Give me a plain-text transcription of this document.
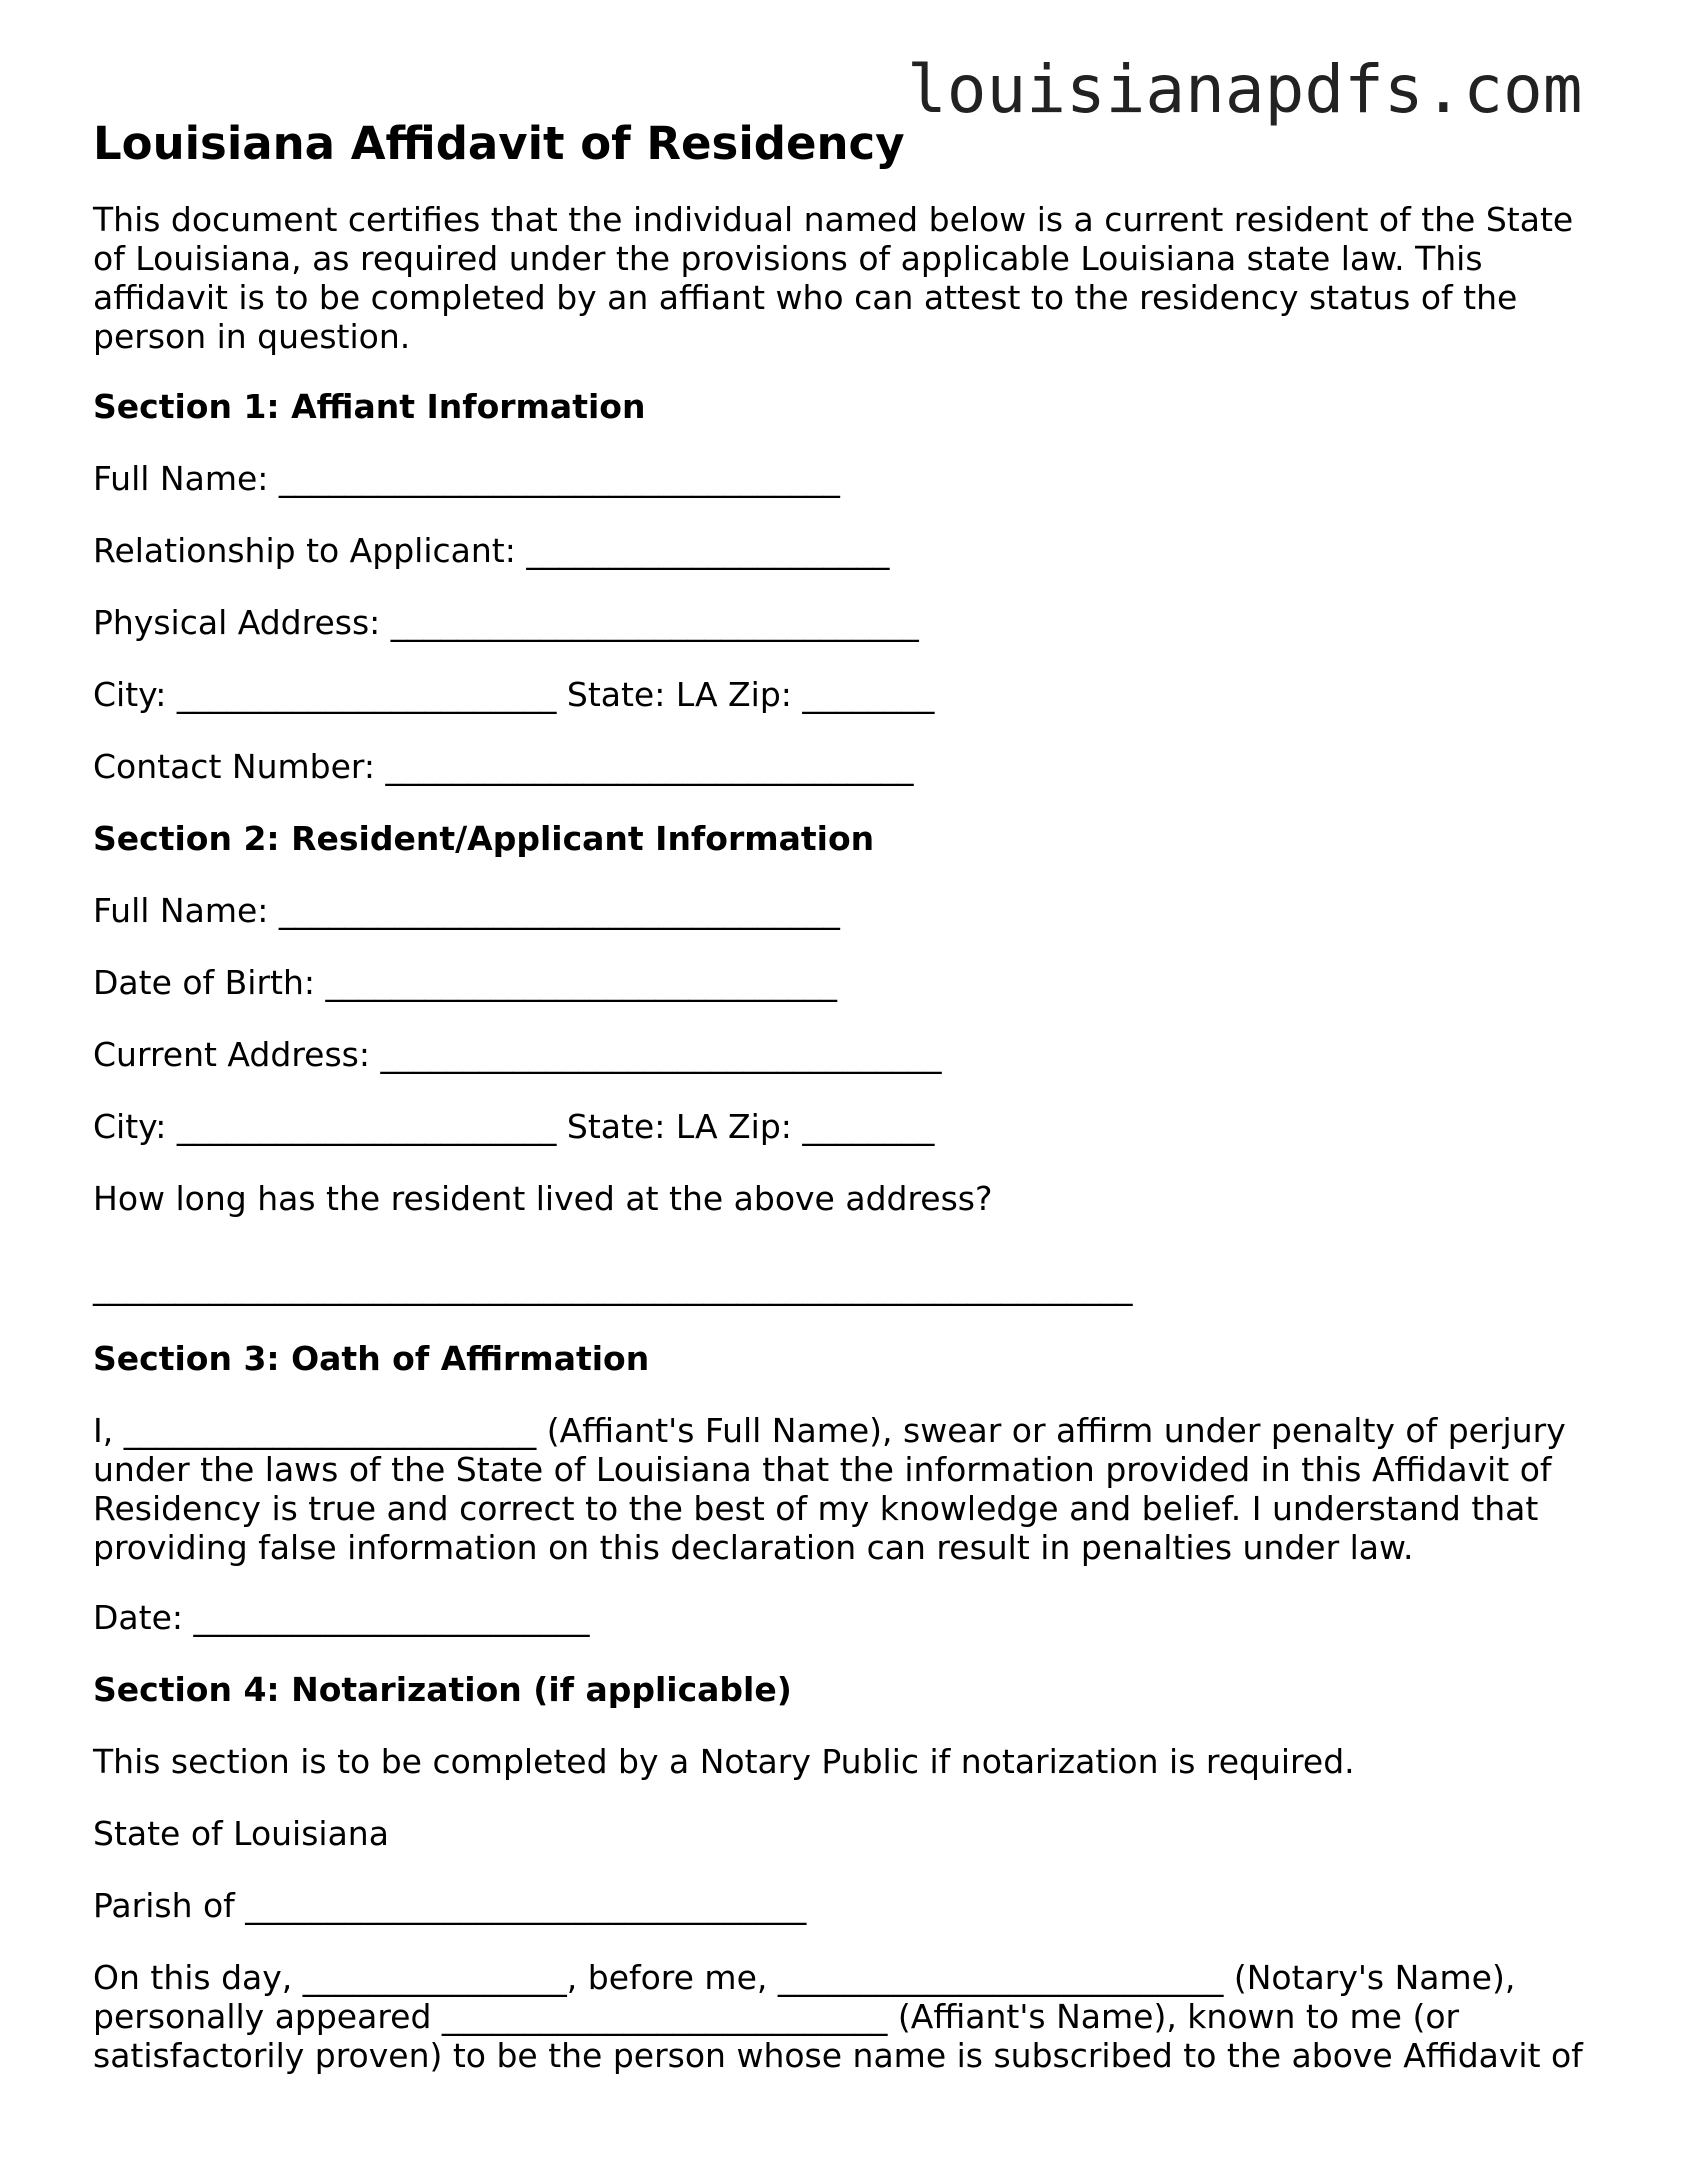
louisianapdfs.com
Louisiana Affidavit of Residency

This document certifies that the individual named below is a current resident of the State

of Louisiana, as required under the provisions of applicable Louisiana state law. This

affidavit is to be completed by an affiant who can attest to the residency status of the

person in question.

Section 1: Affiant Information

Full Name: __________________________________

Relationship to Applicant: ______________________

Physical Address: ________________________________

City: _______________________ State: LA Zip: ________

Contact Number: ________________________________

Section 2: Resident/Applicant Information

Full Name: __________________________________

Date of Birth: _______________________________

Current Address: __________________________________

City: _______________________ State: LA Zip: ________

How long has the resident lived at the above address?

_______________________________________________________________

Section 3: Oath of Affirmation

I, _________________________ (Affiant's Full Name), swear or affirm under penalty of perjury

under the laws of the State of Louisiana that the information provided in this Affidavit of

Residency is true and correct to the best of my knowledge and belief. I understand that

providing false information on this declaration can result in penalties under law.

Date: ________________________

Section 4: Notarization (if applicable)

This section is to be completed by a Notary Public if notarization is required.

State of Louisiana

Parish of __________________________________

On this day, ________________, before me, ___________________________ (Notary's Name),

personally appeared ___________________________ (Affiant's Name), known to me (or

satisfactorily proven) to be the person whose name is subscribed to the above Affidavit of
